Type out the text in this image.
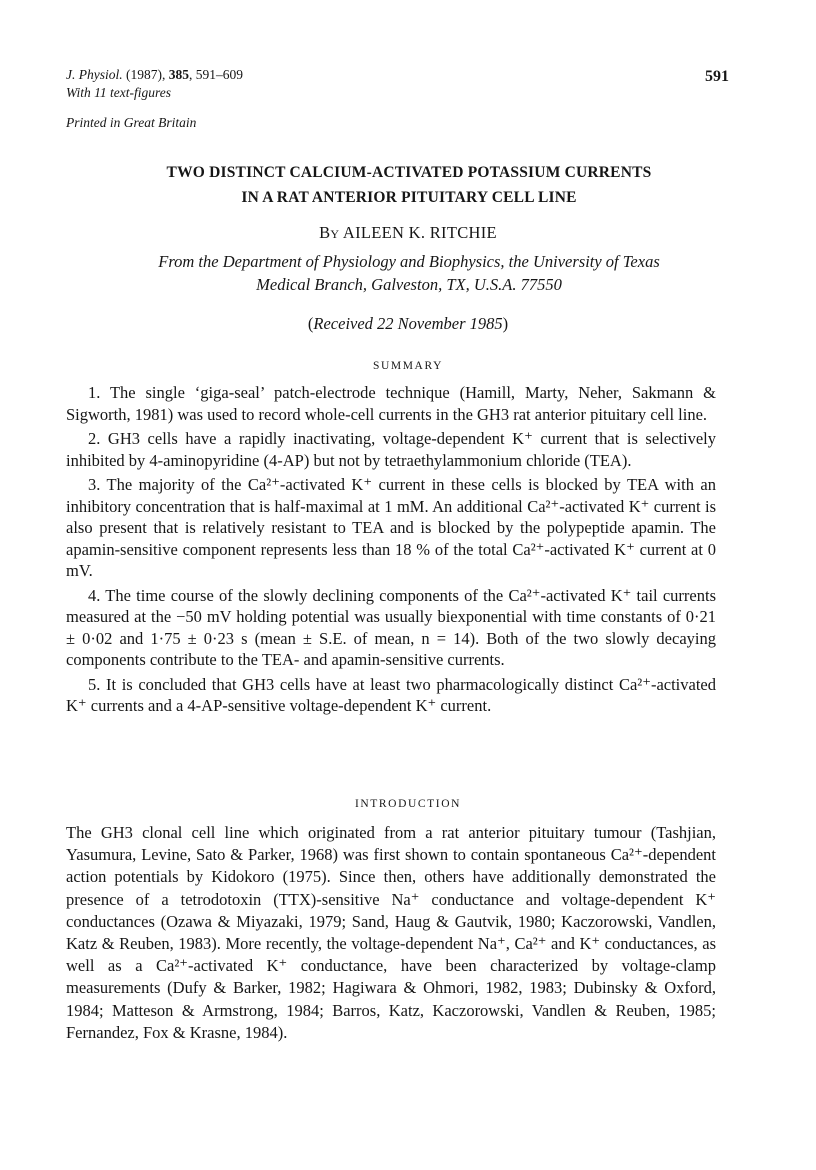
J. Physiol. (1987), 385, 591–609
With 11 text-figures
Printed in Great Britain
591
TWO DISTINCT CALCIUM-ACTIVATED POTASSIUM CURRENTS
IN A RAT ANTERIOR PITUITARY CELL LINE
By AILEEN K. RITCHIE
From the Department of Physiology and Biophysics, the University of Texas
Medical Branch, Galveston, TX, U.S.A. 77550
(Received 22 November 1985)
SUMMARY

1. The single ‘giga-seal’ patch-electrode technique (Hamill, Marty, Neher, Sakmann & Sigworth, 1981) was used to record whole-cell currents in the GH3 rat anterior pituitary cell line.

2. GH3 cells have a rapidly inactivating, voltage-dependent K⁺ current that is selectively inhibited by 4-aminopyridine (4-AP) but not by tetraethylammonium chloride (TEA).

3. The majority of the Ca²⁺-activated K⁺ current in these cells is blocked by TEA with an inhibitory concentration that is half-maximal at 1 mM. An additional Ca²⁺-activated K⁺ current is also present that is relatively resistant to TEA and is blocked by the polypeptide apamin. The apamin-sensitive component represents less than 18 % of the total Ca²⁺-activated K⁺ current at 0 mV.

4. The time course of the slowly declining components of the Ca²⁺-activated K⁺ tail currents measured at the −50 mV holding potential was usually biexponential with time constants of 0·21 ± 0·02 and 1·75 ± 0·23 s (mean ± S.E. of mean, n = 14). Both of the two slowly decaying components contribute to the TEA- and apamin-sensitive currents.

5. It is concluded that GH3 cells have at least two pharmacologically distinct Ca²⁺-activated K⁺ currents and a 4-AP-sensitive voltage-dependent K⁺ current.

INTRODUCTION
The GH3 clonal cell line which originated from a rat anterior pituitary tumour (Tashjian, Yasumura, Levine, Sato & Parker, 1968) was first shown to contain spontaneous Ca²⁺-dependent action potentials by Kidokoro (1975). Since then, others have additionally demonstrated the presence of a tetrodotoxin (TTX)-sensitive Na⁺ conductance and voltage-dependent K⁺ conductances (Ozawa & Miyazaki, 1979; Sand, Haug & Gautvik, 1980; Kaczorowski, Vandlen, Katz & Reuben, 1983). More recently, the voltage-dependent Na⁺, Ca²⁺ and K⁺ conductances, as well as a Ca²⁺-activated K⁺ conductance, have been characterized by voltage-clamp measurements (Dufy & Barker, 1982; Hagiwara & Ohmori, 1982, 1983; Dubinsky & Oxford, 1984; Matteson & Armstrong, 1984; Barros, Katz, Kaczorowski, Vandlen & Reuben, 1985; Fernandez, Fox & Krasne, 1984).
